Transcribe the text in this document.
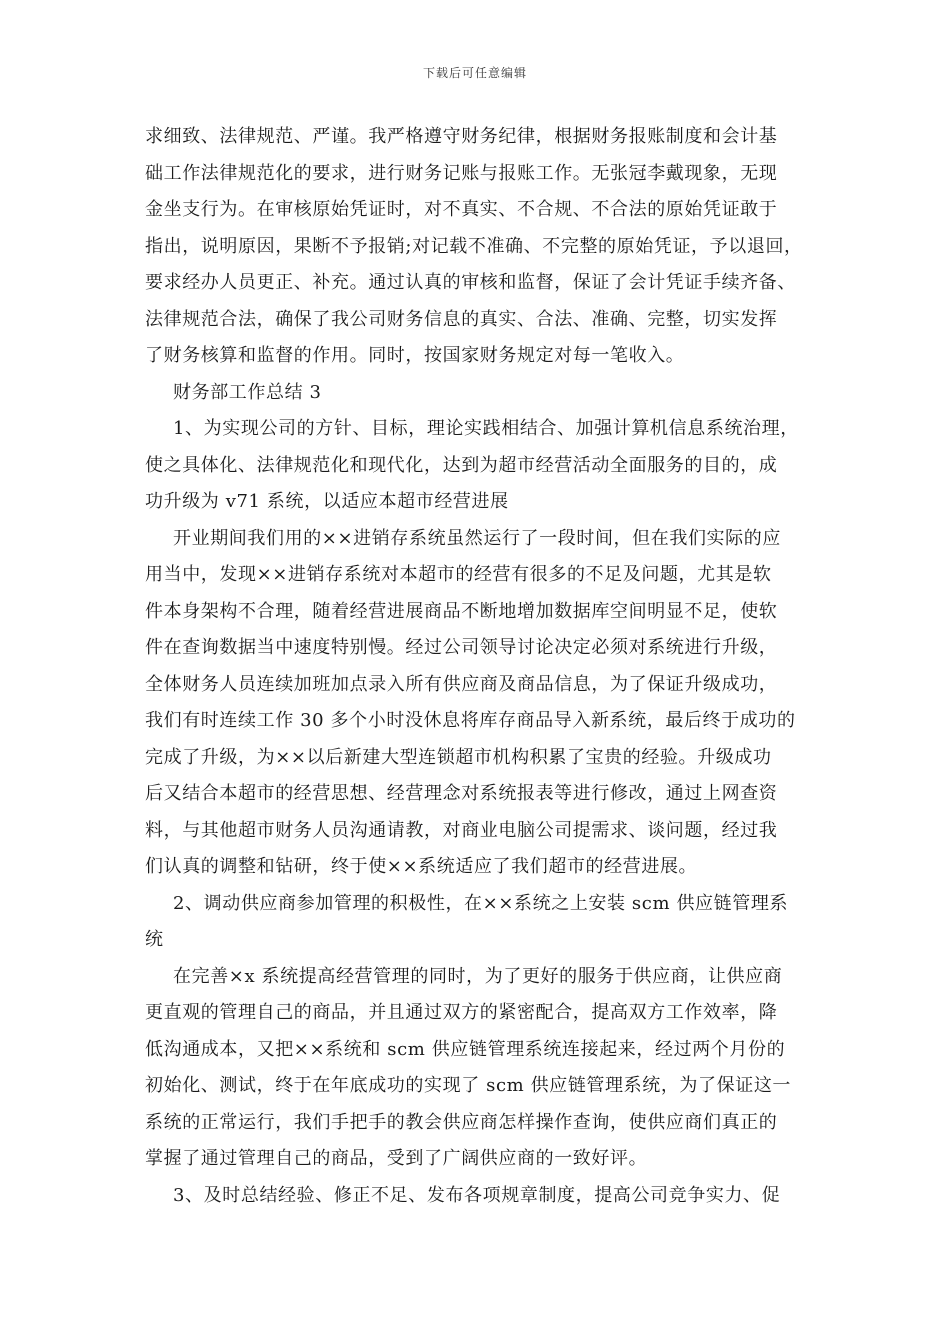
下载后可任意编辑
求细致、法律规范、严谨。我严格遵守财务纪律，根据财务报账制度和会计基
础工作法律规范化的要求，进行财务记账与报账工作。无张冠李戴现象，无现
金坐支行为。在审核原始凭证时，对不真实、不合规、不合法的原始凭证敢于
指出，说明原因，果断不予报销;对记载不准确、不完整的原始凭证，予以退回，
要求经办人员更正、补充。通过认真的审核和监督，保证了会计凭证手续齐备、
法律规范合法，确保了我公司财务信息的真实、合法、准确、完整，切实发挥
了财务核算和监督的作用。同时，按国家财务规定对每一笔收入。
财务部工作总结 3
1、为实现公司的方针、目标，理论实践相结合、加强计算机信息系统治理，
使之具体化、法律规范化和现代化，达到为超市经营活动全面服务的目的，成
功升级为 v71 系统，以适应本超市经营进展
开业期间我们用的××进销存系统虽然运行了一段时间，但在我们实际的应
用当中，发现××进销存系统对本超市的经营有很多的不足及问题，尤其是软
件本身架构不合理，随着经营进展商品不断地增加数据库空间明显不足，使软
件在查询数据当中速度特别慢。经过公司领导讨论决定必须对系统进行升级，
全体财务人员连续加班加点录入所有供应商及商品信息，为了保证升级成功，
我们有时连续工作 30 多个小时没休息将库存商品导入新系统，最后终于成功的
完成了升级，为××以后新建大型连锁超市机构积累了宝贵的经验。升级成功
后又结合本超市的经营思想、经营理念对系统报表等进行修改，通过上网查资
料，与其他超市财务人员沟通请教，对商业电脑公司提需求、谈问题，经过我
们认真的调整和钻研，终于使××系统适应了我们超市的经营进展。
2、调动供应商参加管理的积极性，在××系统之上安装 scm 供应链管理系
统
在完善×x 系统提高经营管理的同时，为了更好的服务于供应商，让供应商
更直观的管理自己的商品，并且通过双方的紧密配合，提高双方工作效率，降
低沟通成本，又把××系统和 scm 供应链管理系统连接起来，经过两个月份的
初始化、测试，终于在年底成功的实现了 scm 供应链管理系统，为了保证这一
系统的正常运行，我们手把手的教会供应商怎样操作查询，使供应商们真正的
掌握了通过管理自己的商品，受到了广阔供应商的一致好评。
3、及时总结经验、修正不足、发布各项规章制度，提高公司竞争实力、促
